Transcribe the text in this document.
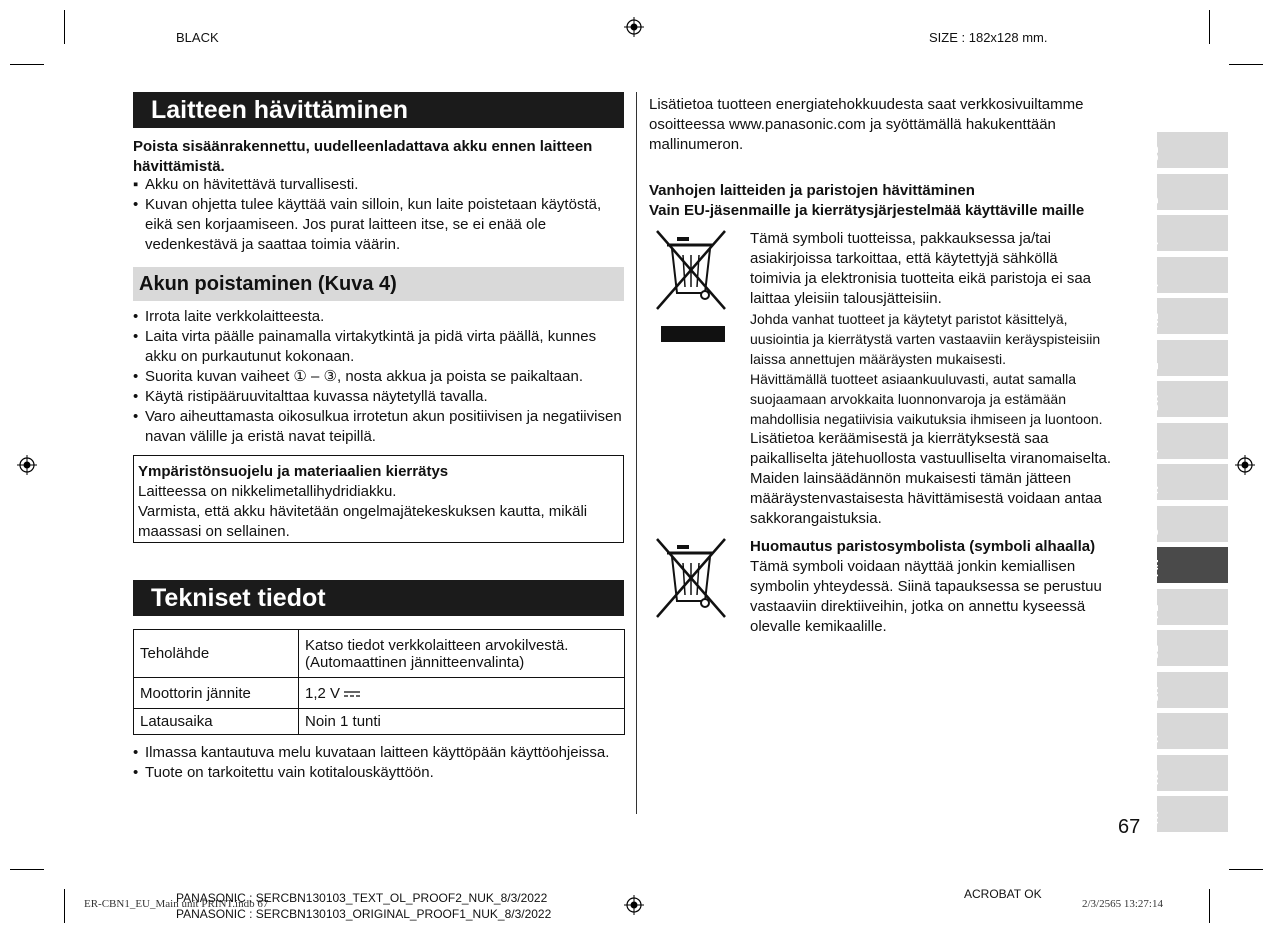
BLACK	SIZE : 182x128 mm.
Laitteen hävittäminen
Poista sisäänrakennettu, uudelleenladattava akku ennen laitteen hävittämistä.
▪ Akku on hävitettävä turvallisesti.
• Kuvan ohjetta tulee käyttää vain silloin, kun laite poistetaan käytöstä, eikä sen korjaamiseen. Jos purat laitteen itse, se ei enää ole vedenkestävä ja saattaa toimia väärin.
Akun poistaminen (Kuva 4)
• Irrota laite verkkolaitteesta.
• Laita virta päälle painamalla virtakytkintä ja pidä virta päällä, kunnes akku on purkautunut kokonaan.
• Suorita kuvan vaiheet ① – ③, nosta akkua ja poista se paikaltaan.
• Käytä ristipääruuvitalttaa kuvassa näytetyllä tavalla.
• Varo aiheuttamasta oikosulkua irrotetun akun positiivisen ja negatiivisen navan välille ja eristä navat teipillä.
Ympäristönsuojelu ja materiaalien kierrätys
Laitteessa on nikkelimetallihydridiakku.
Varmista, että akku hävitetään ongelmajätekeskuksen kautta, mikäli maassasi on sellainen.
Tekniset tiedot
Teholähde	Katso tiedot verkkolaitteen arvokilvestä.
(Automaattinen jännitteenvalinta)

Moottorin jännite	1,2 V
Latausaika	Noin 1 tunti
• Ilmassa kantautuva melu kuvataan laitteen käyttöpään käyttöohjeissa.
• Tuote on tarkoitettu vain kotitalouskäyttöön.
Lisätietoa tuotteen energiatehokkuudesta saat verkkosivuiltamme osoitteessa www.panasonic.com ja syöttämällä hakukenttään mallinumeron.
Vanhojen laitteiden ja paristojen hävittäminen
Vain EU-jäsenmaille ja kierrätysjärjestelmää käyttäville maille
Tämä symboli tuotteissa, pakkauksessa ja/tai
asiakirjoissa tarkoittaa, että käytettyjä sähköllä
toimivia ja elektronisia tuotteita eikä paristoja ei saa
laittaa yleisiin talousjätteisiin.
Johda vanhat tuotteet ja käytetyt paristot käsittelyä,
uusiointia ja kierrätystä varten vastaaviin keräyspisteisiin
laissa annettujen määräysten mukaisesti.
Hävittämällä tuotteet asiaankuuluvasti, autat samalla
suojaamaan arvokkaita luonnonvaroja ja estämään
mahdollisia negatiivisia vaikutuksia ihmiseen ja luontoon.
Lisätietoa keräämisestä ja kierrätyksestä saa
paikalliselta jätehuollosta vastuulliselta viranomaiselta.
Maiden lainsäädännön mukaisesti tämän jätteen
määräystenvastaisesta hävittämisestä voidaan antaa
sakkorangaistuksia.
Huomautus paristosymbolista (symboli alhaalla)
Tämä symboli voidaan näyttää jonkin kemiallisen
symbolin yhteydessä. Siinä tapauksessa se perustuu
vastaaviin direktiiveihin, jotka on annettu kyseessä
olevalle kemikaalille.
67
GB
D
F
I
NL
E
DK
P
N
S
FIN
PL
CZ
SK
H
RO
TR
ER-CBN1_EU_Main unit PRINT.indb 67
PANASONIC : SERCBN130103_TEXT_OL_PROOF2_NUK_8/3/2022
PANASONIC : SERCBN130103_ORIGINAL_PROOF1_NUK_8/3/2022
ACROBAT OK
2/3/2565 13:27:14
